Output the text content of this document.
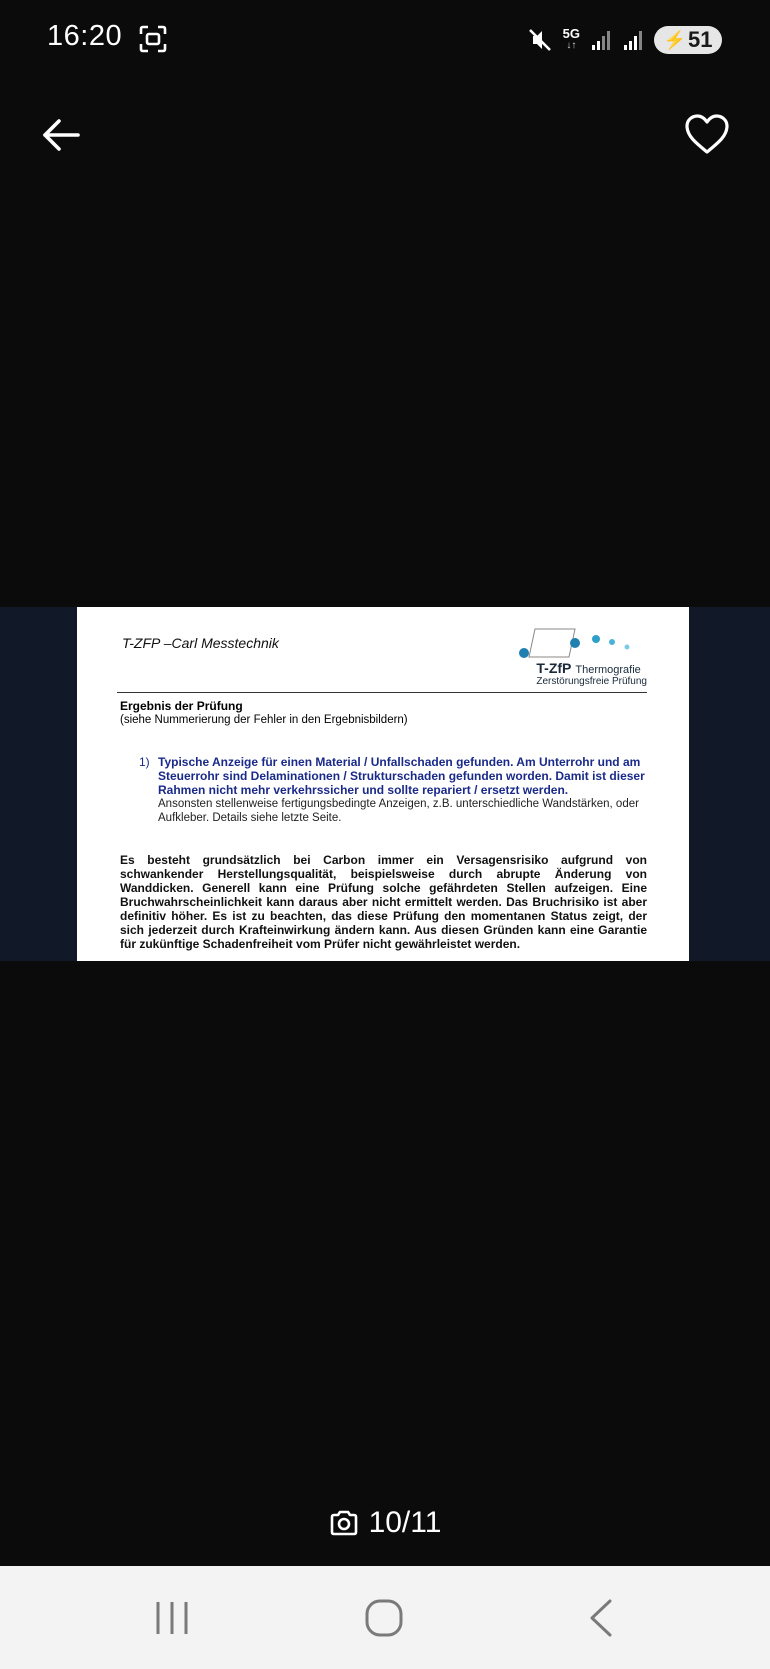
16:20	5G
↓↑	⚡ 51
T-ZFP –Carl Messtechnik
T-ZfP Thermografie
Zerstörungsfreie Prüfung
Ergebnis der Prüfung
(siehe Nummerierung der Fehler in den Ergebnisbildern)
1) Typische Anzeige für einen Material / Unfallschaden gefunden. Am Unterrohr und am Steuerrohr sind Delaminationen / Strukturschaden gefunden worden. Damit ist dieser Rahmen nicht mehr verkehrssicher und sollte repariert / ersetzt werden.
Ansonsten stellenweise fertigungsbedingte Anzeigen, z.B. unterschiedliche Wandstärken, oder Aufkleber. Details siehe letzte Seite.
Es besteht grundsätzlich bei Carbon immer ein Versagensrisiko aufgrund von schwankender Herstellungsqualität, beispielsweise durch abrupte Änderung von Wanddicken. Generell kann eine Prüfung solche gefährdeten Stellen aufzeigen. Eine Bruchwahrscheinlichkeit kann daraus aber nicht ermittelt werden. Das Bruchrisiko ist aber definitiv höher. Es ist zu beachten, das diese Prüfung den momentanen Status zeigt, der sich jederzeit durch Krafteinwirkung ändern kann. Aus diesen Gründen kann eine Garantie für zukünftige Schadenfreiheit vom Prüfer nicht gewährleistet werden.
10/11
